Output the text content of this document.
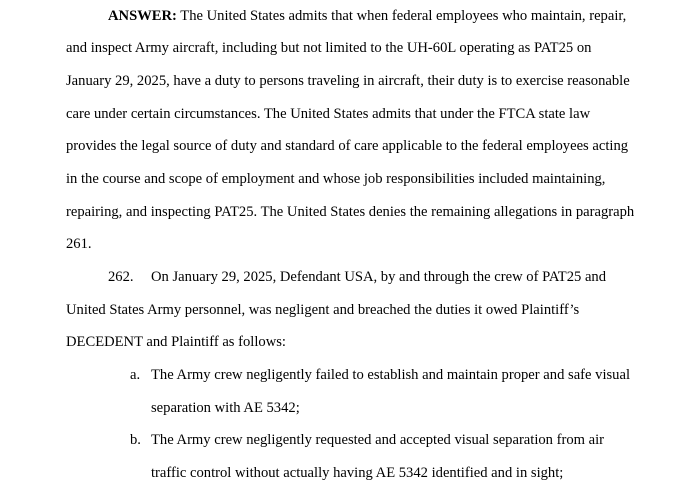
ANSWER: The United States admits that when federal employees who maintain, repair,
and inspect Army aircraft, including but not limited to the UH-60L operating as PAT25 on
January 29, 2025, have a duty to persons traveling in aircraft, their duty is to exercise reasonable
care under certain circumstances. The United States admits that under the FTCA state law
provides the legal source of duty and standard of care applicable to the federal employees acting
in the course and scope of employment and whose job responsibilities included maintaining,
repairing, and inspecting PAT25. The United States denies the remaining allegations in paragraph
261.
262. On January 29, 2025, Defendant USA, by and through the crew of PAT25 and
United States Army personnel, was negligent and breached the duties it owed Plaintiff’s
DECEDENT and Plaintiff as follows:
a. The Army crew negligently failed to establish and maintain proper and safe visual
separation with AE 5342;
b. The Army crew negligently requested and accepted visual separation from air
traffic control without actually having AE 5342 identified and in sight;
